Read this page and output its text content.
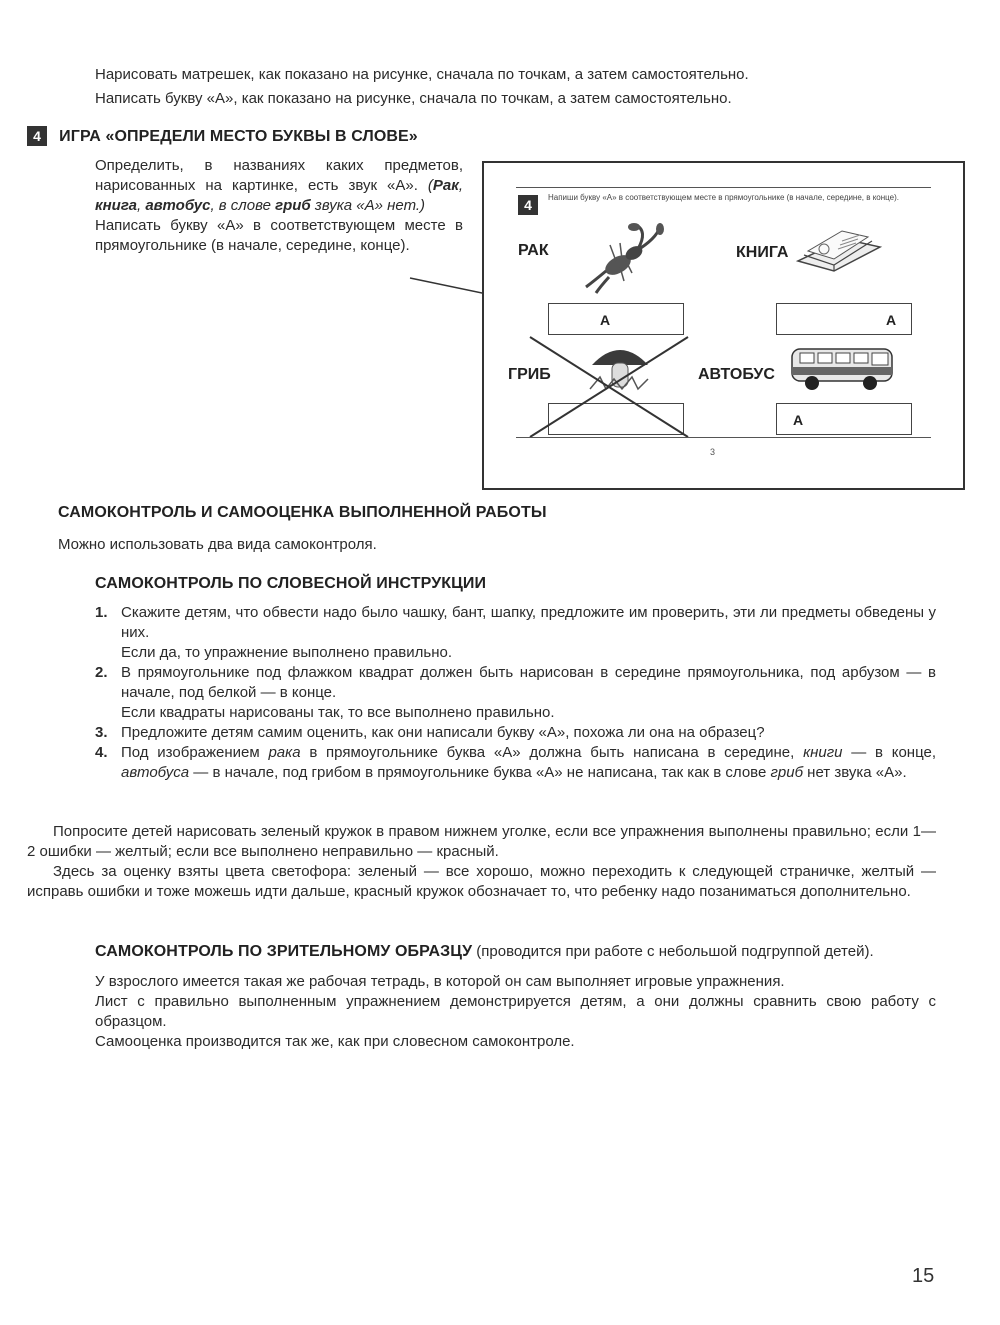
Нарисовать матрешек, как показано на рисунке, сначала по точкам, а затем самостоятельно.

Написать букву «А», как показано на рисунке, сначала по точкам, а затем самостоятельно.

4 ИГРА «ОПРЕДЕЛИ МЕСТО БУКВЫ В СЛОВЕ»

Определить, в названиях каких предметов, нарисованных на картинке, есть звук «А». (Рак, книга, автобус, в слове гриб звука «А» нет.)

Написать букву «А» в соответствующем месте в прямоугольнике (в начале, середине, конце).

4	Напиши букву «А» в соответствующем месте в прямоугольнике (в начале, середине, в конце).
РАК
А
КНИГА
А
ГРИБ	АВТОБУС
А
3
САМОКОНТРОЛЬ И САМООЦЕНКА ВЫПОЛНЕННОЙ РАБОТЫ

Можно использовать два вида самоконтроля.

САМОКОНТРОЛЬ ПО СЛОВЕСНОЙ ИНСТРУКЦИИ
1. Скажите детям, что обвести надо было чашку, бант, шапку, предложите им проверить, эти ли предметы обведены у них.

Если да, то упражнение выполнено правильно.

2. В прямоугольнике под флажком квадрат должен быть нарисован в середине прямоугольника, под арбузом — в начале, под белкой — в конце.

Если квадраты нарисованы так, то все выполнено правильно.

3. Предложите детям самим оценить, как они написали букву «А», похожа ли она на образец?

4. Под изображением рака в прямоугольнике буква «А» должна быть написана в середине, книги — в конце, автобуса — в начале, под грибом в прямоугольнике буква «А» не написана, так как в слове гриб нет звука «А».

Попросите детей нарисовать зеленый кружок в правом нижнем уголке, если все упражнения выполнены правильно; если 1—2 ошибки — желтый; если все выполнено неправильно — красный.

Здесь за оценку взяты цвета светофора: зеленый — все хорошо, можно переходить к следующей страничке, желтый — исправь ошибки и тоже можешь идти дальше, красный кружок обозначает то, что ребенку надо позаниматься дополнительно.

САМОКОНТРОЛЬ ПО ЗРИТЕЛЬНОМУ ОБРАЗЦУ (проводится при работе с небольшой подгруппой детей).

У взрослого имеется такая же рабочая тетрадь, в которой он сам выполняет игровые упражнения.

Лист с правильно выполненным упражнением демонстрируется детям, а они должны сравнить свою работу с образцом.

Самооценка производится так же, как при словесном самоконтроле.

15
